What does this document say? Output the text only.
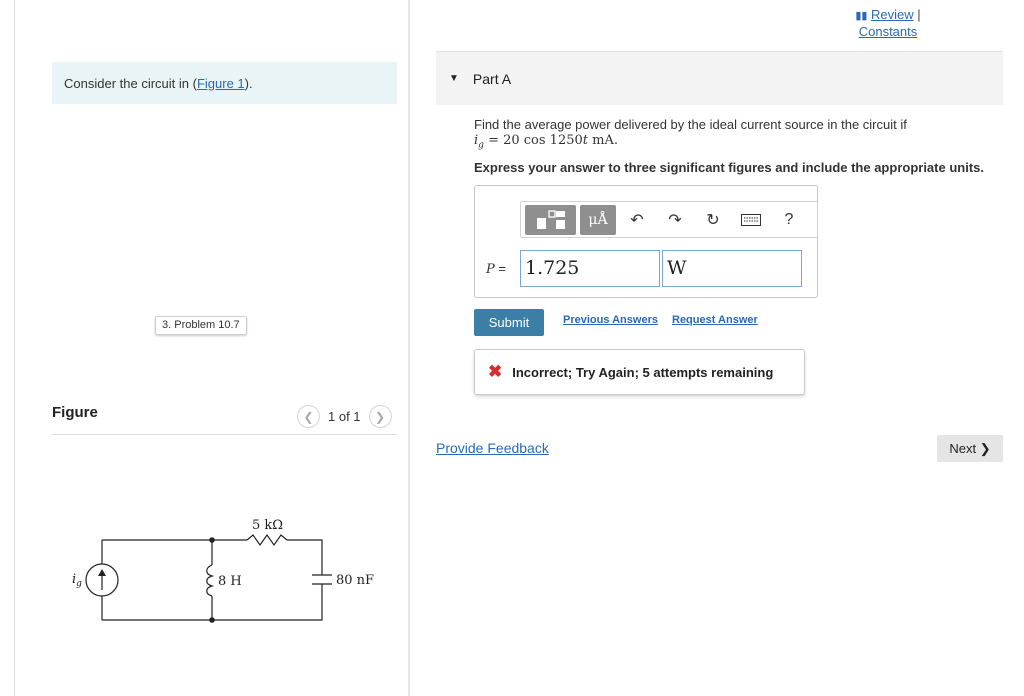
Consider the circuit in ( Figure 1 ).
3. Problem 10.7
Figure	❮	1 of 1	❯
$i_g$
5 kΩ
8 H	80 nF
▮▮ Review |
Constants
▼ Part A
Find the average power delivered by the ideal current source in the circuit if
$i_g = 20$ cos 1250t mA.
Express your answer to three significant figures and include the appropriate units.
μÅ	↶	↷	↻	?
P = 1.725	W
Submit	Previous Answers Request Answer
✖ Incorrect; Try Again; 5 attempts remaining
Provide Feedback	Next ❯
